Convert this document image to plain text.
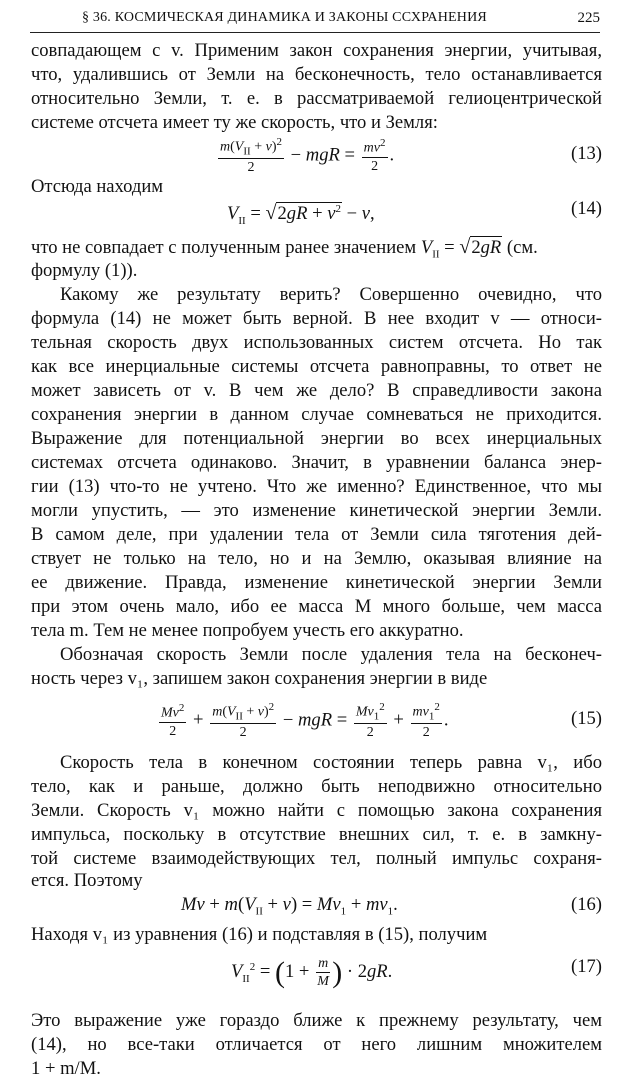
§ 36. КОСМИЧЕСКАЯ ДИНАМИКА И ЗАКОНЫ ССХРАНЕНИЯ	225
совпадающем с v. Применим закон сохранения энергии, учитывая,
что, удалившись от Земли на бесконечность, тело останавливается
относительно Земли, т. е. в рассматриваемой гелиоцентрической
системе отсчета имеет ту же скорость, что и Земля:
$\frac{m(V_{II} + v)^2}{2}$ − mgR = $\frac{mv^2}{2}$ .	(13)
Отсюда находим
$V_{II} = √2gR + v^2 - v$,	(14)
что не совпадает с полученным ранее значением $V_{II} = √2gR$ (см.
формулу (1)).
Какому же результату верить? Совершенно очевидно, что
формула (14) не может быть верной. В нее входит v — относи-
тельная скорость двух использованных систем отсчета. Но так
как все инерциальные системы отсчета равноправны, то ответ не
может зависеть от v. В чем же дело? В справедливости закона
сохранения энергии в данном случае сомневаться не приходится.
Выражение для потенциальной энергии во всех инерциальных
системах отсчета одинаково. Значит, в уравнении баланса энер-
гии (13) что-то не учтено. Что же именно? Единственное, что мы
могли упустить, — это изменение кинетической энергии Земли.
В самом деле, при удалении тела от Земли сила тяготения дей-
ствует не только на тело, но и на Землю, оказывая влияние на
ее движение. Правда, изменение кинетической энергии Земли
при этом очень мало, ибо ее масса M много больше, чем масса
тела m. Тем не менее попробуем учесть его аккуратно.
Обозначая скорость Земли после удаления тела на бесконеч-
ность через v₁, запишем закон сохранения энергии в виде
$\frac{Mv^2}{2} + \frac{m(V_{II} + v)^2}{2}$ − mgR = $\frac{Mv_1^2}{2} + \frac{mv_1^2}{2}$ .	(15)
Скорость тела в конечном состоянии теперь равна v₁, ибо
тело, как и раньше, должно быть неподвижно относительно
Земли. Скорость v₁ можно найти с помощью закона сохранения
импульса, поскольку в отсутствие внешних сил, т. е. в замкну-
той системе взаимодействующих тел, полный импульс сохраня-
ется. Поэтому
$Mv + m(V_{II} + v) = Mv_1 + mv_1$.	(16)
Находя v₁ из уравнения (16) и подставляя в (15), получим
$V_{II}^2 = (1 + \frac{m}{M}$ ) · 2gR.	(17)
Это выражение уже гораздо ближе к прежнему результату, чем
(14), но все-таки отличается от него лишним множителем
1 + m/M.
